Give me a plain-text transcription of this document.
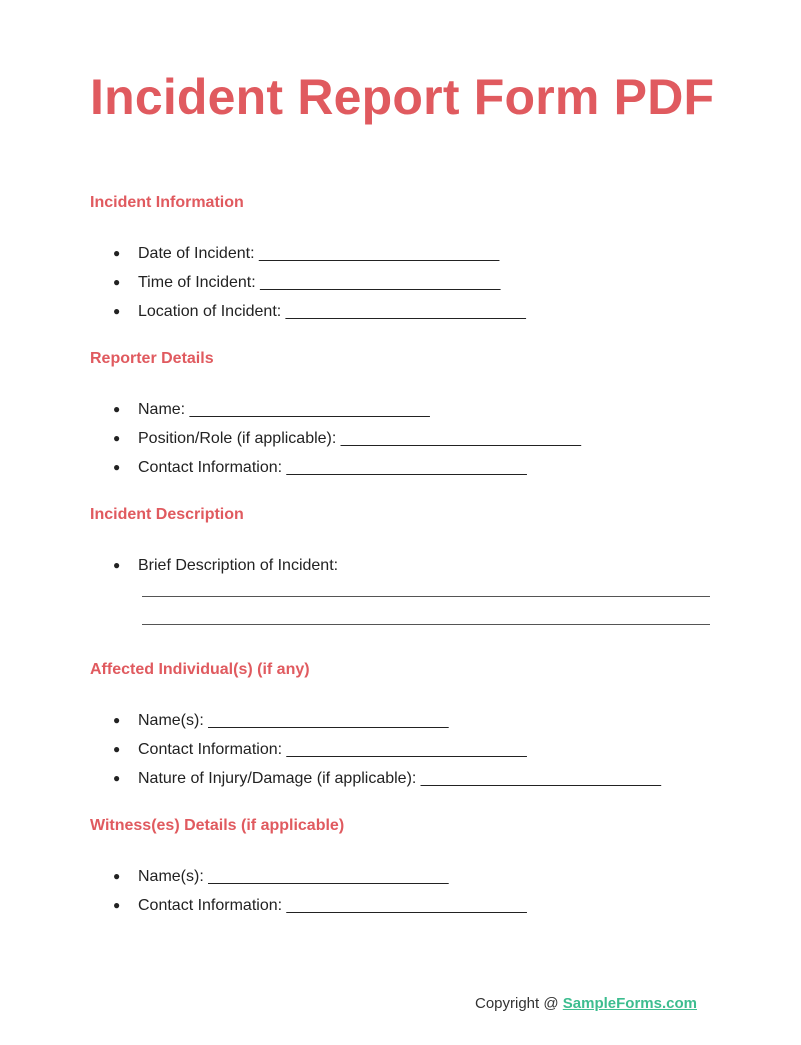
Incident Report Form PDF
Incident Information
● Date of Incident: ___________________________
● Time of Incident: ___________________________
● Location of Incident: ___________________________
Reporter Details
● Name: ___________________________
● Position/Role (if applicable): ___________________________
● Contact Information: ___________________________
Incident Description
● Brief Description of Incident:
Affected Individual(s) (if any)
● Name(s): ___________________________
● Contact Information: ___________________________
● Nature of Injury/Damage (if applicable): ___________________________
Witness(es) Details (if applicable)
● Name(s): ___________________________
● Contact Information: ___________________________
Copyright @ SampleForms.com
